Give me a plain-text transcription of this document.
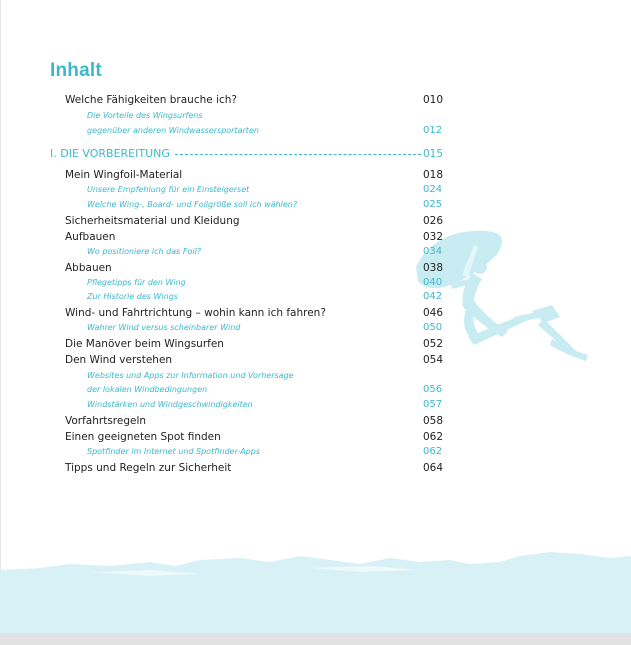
Inhalt
Welche Fähigkeiten brauche ich?	010
Die Vorteile des Wingsurfens
gegenüber anderen Windwassersportarten	012
I. DIE VORBEREITUNG	015
Mein Wingfoil-Material	018
Unsere Empfehlung für ein Einsteigerset	024
Welche Wing-, Board- und Foilgröße soll ich wählen?	025
Sicherheitsmaterial und Kleidung	026
Aufbauen	032
Wo positioniere ich das Foil?	034
Abbauen	038
Pflegetipps für den Wing	040
Zur Historie des Wings	042
Wind- und Fahrtrichtung – wohin kann ich fahren?	046
Wahrer Wind versus scheinbarer Wind	050
Die Manöver beim Wingsurfen	052
Den Wind verstehen	054
Websites und Apps zur Information und Vorhersage
der lokalen Windbedingungen	056
Windstärken und Windgeschwindigkeiten	057
Vorfahrtsregeln	058
Einen geeigneten Spot finden	062
Spotfinder im Internet und Spotfinder-Apps	062
Tipps und Regeln zur Sicherheit	064
